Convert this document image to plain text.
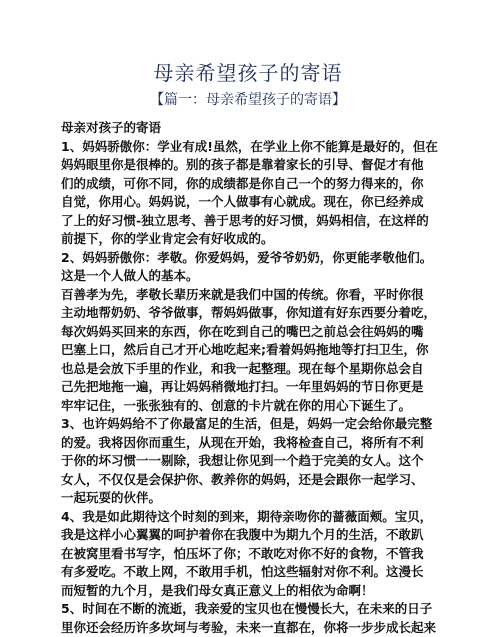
母亲希望孩子的寄语
【篇一：母亲希望孩子的寄语】
母亲对孩子的寄语
1、妈妈骄傲你：学业有成!虽然，在学业上你不能算是最好的，但在
妈妈眼里你是很棒的。别的孩子都是靠着家长的引导、督促才有他
们的成绩，可你不同，你的成绩都是你自己一个的努力得来的，你
自觉，你用心。妈妈说，一个人做事有心就成。现在，你已经养成
了上的好习惯-独立思考、善于思考的好习惯，妈妈相信，在这样的
前提下，你的学业肯定会有好收成的。
2、妈妈骄傲你：孝敬。你爱妈妈，爱爷爷奶奶，你更能孝敬他们。
这是一个人做人的基本。
百善孝为先，孝敬长辈历来就是我们中国的传统。你看，平时你很
主动地帮奶奶、爷爷做事，帮妈妈做事，你知道有好东西要分着吃，
每次妈妈买回来的东西，你在吃到自己的嘴巴之前总会往妈妈的嘴
巴塞上口，然后自己才开心地吃起来;看着妈妈拖地等打扫卫生，你
也总是会放下手里的作业，和我一起整理。现在每个星期你总会自
己先把地拖一遍，再让妈妈稍微地打扫。一年里妈妈的节日你更是
牢牢记住，一张张独有的、创意的卡片就在你的用心下诞生了。
3、也许妈妈给不了你最富足的生活，但是，妈妈一定会给你最完整
的爱。我将因你而重生，从现在开始，我将检查自己，将所有不利
于你的坏习惯一一剔除，我想让你见到一个趋于完美的女人。这个
女人，不仅仅是会保护你、教养你的妈妈，还是会跟你一起学习、
一起玩耍的伙伴。
4、我是如此期待这个时刻的到来，期待亲吻你的蔷薇面颊。宝贝，
我是这样小心翼翼的呵护着你在我腹中为期九个月的生活，不敢趴
在被窝里看书写字，怕压坏了你；不敢吃对你不好的食物，不管我
有多爱吃。不敢上网，不敢用手机，怕这些辐射对你不利。这漫长
而短暂的九个月，是我们母女真正意义上的相依为命啊！
5、时间在不断的流逝，我亲爱的宝贝也在慢慢长大，在未来的日子
里你还会经历许多坎坷与考验，未来一直都在，你将一步步成长起来
